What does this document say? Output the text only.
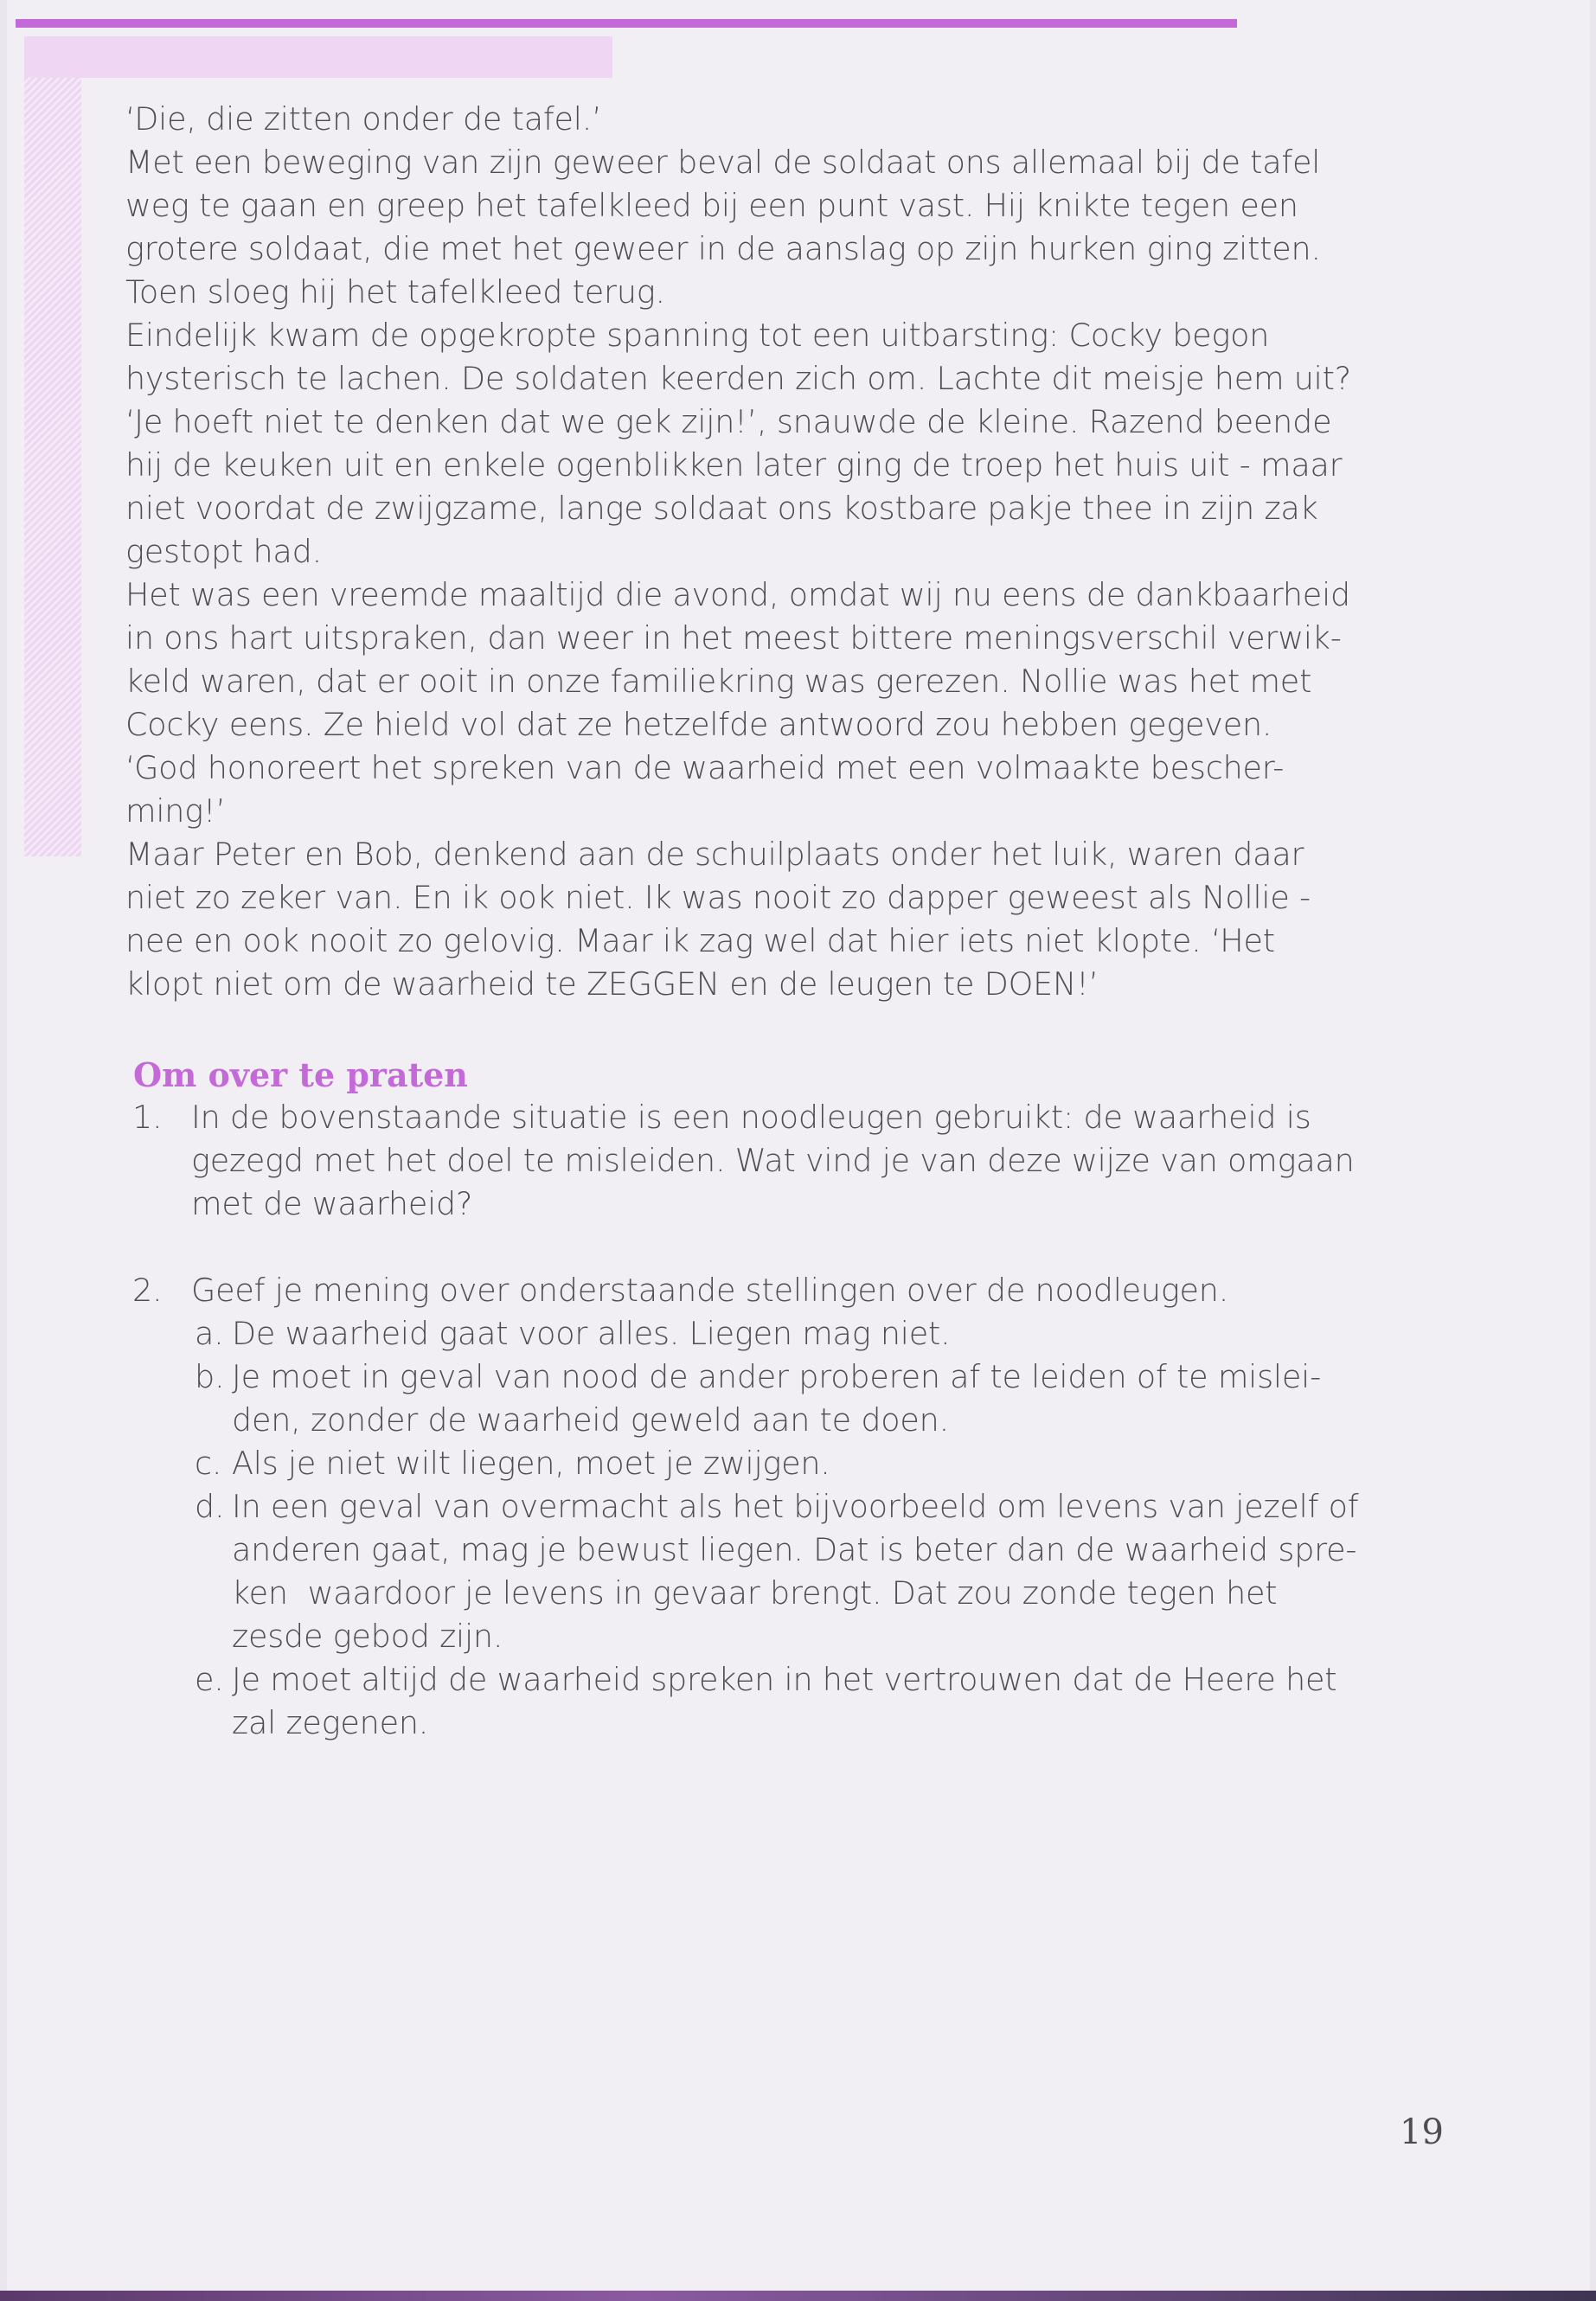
‘Die, die zitten onder de tafel.’
Met een beweging van zijn geweer beval de soldaat ons allemaal bij de tafel
weg te gaan en greep het tafelkleed bij een punt vast. Hij knikte tegen een
grotere soldaat, die met het geweer in de aanslag op zijn hurken ging zitten.
Toen sloeg hij het tafelkleed terug.
Eindelijk kwam de opgekropte spanning tot een uitbarsting: Cocky begon
hysterisch te lachen. De soldaten keerden zich om. Lachte dit meisje hem uit?
‘Je hoeft niet te denken dat we gek zijn!’, snauwde de kleine. Razend beende
hij de keuken uit en enkele ogenblikken later ging de troep het huis uit - maar
niet voordat de zwijgzame, lange soldaat ons kostbare pakje thee in zijn zak
gestopt had.
Het was een vreemde maaltijd die avond, omdat wij nu eens de dankbaarheid
in ons hart uitspraken, dan weer in het meest bittere meningsverschil verwik-
keld waren, dat er ooit in onze familiekring was gerezen. Nollie was het met
Cocky eens. Ze hield vol dat ze hetzelfde antwoord zou hebben gegeven.
‘God honoreert het spreken van de waarheid met een volmaakte bescher-
ming!’
Maar Peter en Bob, denkend aan de schuilplaats onder het luik, waren daar
niet zo zeker van. En ik ook niet. Ik was nooit zo dapper geweest als Nollie -
nee en ook nooit zo gelovig. Maar ik zag wel dat hier iets niet klopte. ‘Het
klopt niet om de waarheid te ZEGGEN en de leugen te DOEN!’
Om over te praten
1. In de bovenstaande situatie is een noodleugen gebruikt: de waarheid is
gezegd met het doel te misleiden. Wat vind je van deze wijze van omgaan
met de waarheid?
2. Geef je mening over onderstaande stellingen over de noodleugen.
a. De waarheid gaat voor alles. Liegen mag niet.
b. Je moet in geval van nood de ander proberen af te leiden of te mislei-
den, zonder de waarheid geweld aan te doen.
c. Als je niet wilt liegen, moet je zwijgen.
d. In een geval van overmacht als het bijvoorbeeld om levens van jezelf of
anderen gaat, mag je bewust liegen. Dat is beter dan de waarheid spre-
ken  waardoor je levens in gevaar brengt. Dat zou zonde tegen het
zesde gebod zijn.
e. Je moet altijd de waarheid spreken in het vertrouwen dat de Heere het
zal zegenen.
19
